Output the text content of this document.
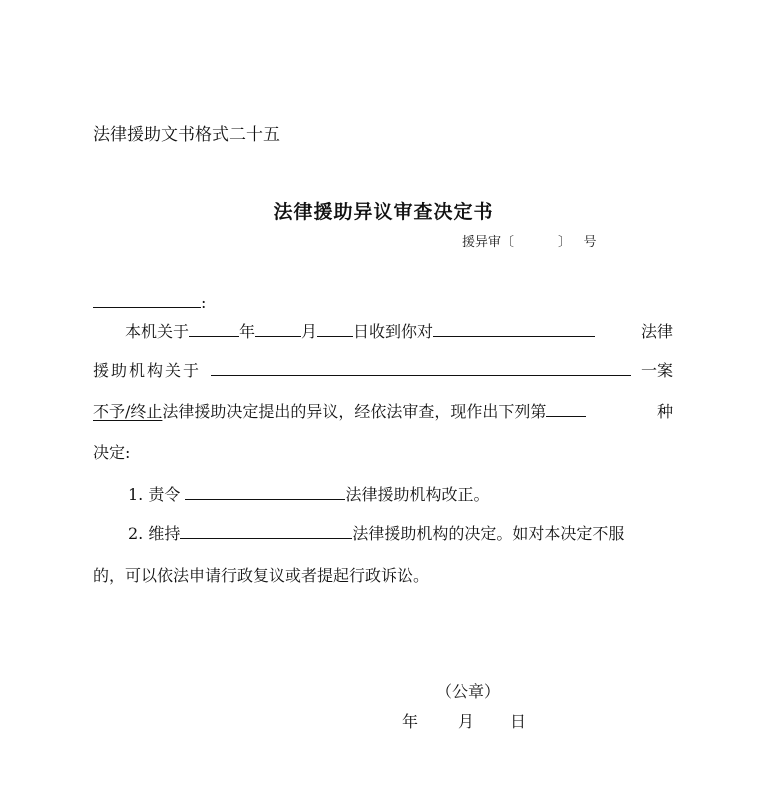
法律援助文书格式二十五
法律援助异议审查决定书
援异审〔	〕 号
:
本机关于	年	月 日收到你对	法律
援助机构关于	一案
不予/终止法律援助决定提出的异议，经依法审查，现作出下列第	种
决定:
1. 责令	法律援助机构改正。
2. 维持	法律援助机构的决定。如对本决定不服
的，可以依法申请行政复议或者提起行政诉讼。
（公章）
年	月 日
